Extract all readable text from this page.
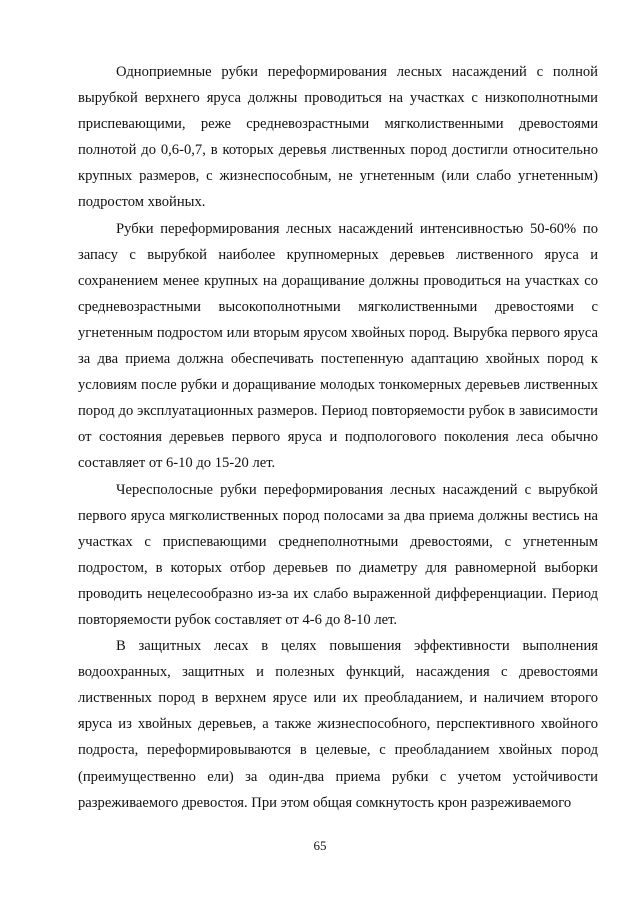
Одноприемные рубки переформирования лесных насаждений с полной вырубкой верхнего яруса должны проводиться на участках с низкополнотными приспевающими, реже средневозрастными мягколиственными древостоями полнотой до 0,6-0,7, в которых деревья лиственных пород достигли относительно крупных размеров, с жизнеспособным, не угнетенным (или слабо угнетенным) подростом хвойных.

Рубки переформирования лесных насаждений интенсивностью 50-60% по запасу с вырубкой наиболее крупномерных деревьев лиственного яруса и сохранением менее крупных на доращивание должны проводиться на участках со средневозрастными высокополнотными мягколиственными древостоями с угнетенным подростом или вторым ярусом хвойных пород. Вырубка первого яруса за два приема должна обеспечивать постепенную адаптацию хвойных пород к условиям после рубки и доращивание молодых тонкомерных деревьев лиственных пород до эксплуатационных размеров. Период повторяемости рубок в зависимости от состояния деревьев первого яруса и подпологового поколения леса обычно составляет от 6-10 до 15-20 лет.

Чересполосные рубки переформирования лесных насаждений с вырубкой первого яруса мягколиственных пород полосами за два приема должны вестись на участках с приспевающими среднеполнотными древостоями, с угнетенным подростом, в которых отбор деревьев по диаметру для равномерной выборки проводить нецелесообразно из-за их слабо выраженной дифференциации. Период повторяемости рубок составляет от 4-6 до 8-10 лет.

В защитных лесах в целях повышения эффективности выполнения водоохранных, защитных и полезных функций, насаждения с древостоями лиственных пород в верхнем ярусе или их преобладанием, и наличием второго яруса из хвойных деревьев, а также жизнеспособного, перспективного хвойного подроста, переформировываются в целевые, с преобладанием хвойных пород (преимущественно ели) за один-два приема рубки с учетом устойчивости разреживаемого древостоя. При этом общая сомкнутость крон разреживаемого

65
